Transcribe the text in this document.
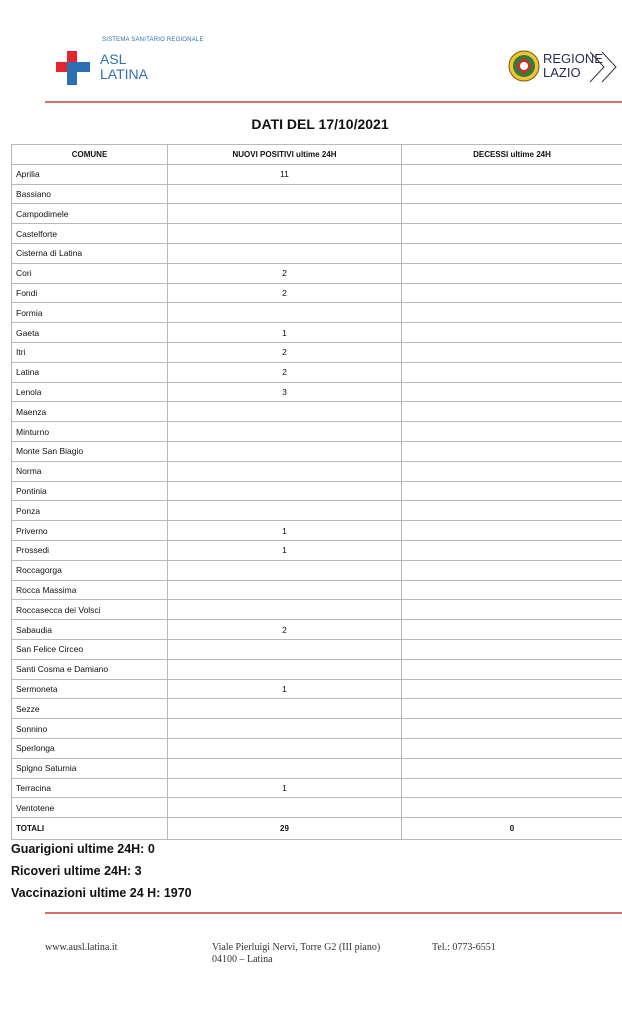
SISTEMA SANITARIO REGIONALE
ASL
LATINA
REGIONE
LAZIO
DATI DEL 17/10/2021
COMUNE	NUOVI POSITIVI ultime 24H	DECESSI ultime 24H
Aprilia	11	
Bassiano		
Campodimele		
Castelforte		
Cisterna di Latina		
Cori	2	
Fondi	2	
Formia		
Gaeta	1	
Itri	2	
Latina	2	
Lenola	3	
Maenza		
Minturno		
Monte San Biagio		
Norma		
Pontinia		
Ponza		
Priverno	1	
Prossedi	1	
Roccagorga		
Rocca Massima		
Roccasecca dei Volsci		
Sabaudia	2	
San Felice Circeo		
Santi Cosma e Damiano		
Sermoneta	1	
Sezze		
Sonnino		
Sperlonga		
Spigno Saturnia		
Terracina	1	
Ventotene		
TOTALI	29	0
Guarigioni ultime 24H: 0
Ricoveri ultime 24H: 3
Vaccinazioni ultime 24 H: 1970
www.ausl.latina.it	Viale Pierluigi Nervi, Torre G2 (III piano)
04100 – Latina
Tel.: 0773-6551
